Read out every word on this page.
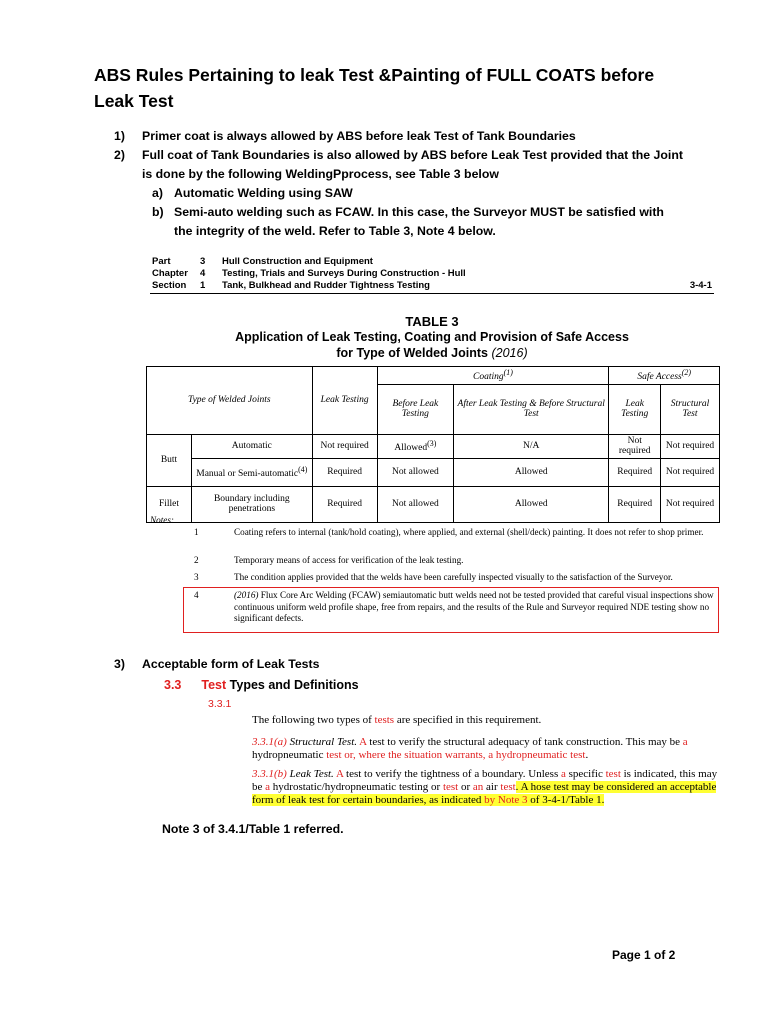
ABS Rules Pertaining to leak Test &Painting of FULL COATS before Leak Test
1) Primer coat is always allowed by ABS before leak Test of Tank Boundaries
2) Full coat of Tank Boundaries is also allowed by ABS before Leak Test provided that the Joint
is done by the following WeldingPprocess, see Table 3 below
a) Automatic Welding using SAW
b) Semi-auto welding such as FCAW. In this case, the Surveyor MUST be satisfied with
the integrity of the weld. Refer to Table 3, Note 4 below.
Part	3 Hull Construction and Equipment
Chapter 4 Testing, Trials and Surveys During Construction - Hull
Section 1 Tank, Bulkhead and Rudder Tightness Testing	3-4-1
TABLE 3
Application of Leak Testing, Coating and Provision of Safe Access
for Type of Welded Joints (2016)
Type of Welded Joints		Leak Testing	Coating$^{(1)}$		Safe Access$^{(2)}$
			Before Leak Testing	After Leak Testing & Before Structural Test	Leak Testing	Structural Test
Butt	Automatic	Not required	Allowed$^{(3)}$	N/A	Not required	Not required
	Manual or Semi-automatic$^{(4)}$	Required	Not allowed	Allowed	Required	Not required
Fillet	Boundary including penetrations	Required	Not allowed	Allowed	Required	Not required
Notes:
1	Coating refers to internal (tank/hold coating), where applied, and external (shell/deck) painting. It does not refer to shop primer.
2	Temporary means of access for verification of the leak testing.
3	The condition applies provided that the welds have been carefully inspected visually to the satisfaction of the Surveyor.
4	(2016) Flux Core Arc Welding (FCAW) semiautomatic butt welds need not be tested provided that careful visual inspections show continuous uniform weld profile shape, free from repairs, and the results of the Rule and Surveyor required NDE testing show no significant defects.
3) Acceptable form of Leak Tests
3.3 Test Types and Definitions
3.3.1
The following two types of tests are specified in this requirement.
3.3.1(a) Structural Test. A test to verify the structural adequacy of tank construction. This may be a hydropneumatic test or, where the situation warrants, a hydropneumatic test.
3.3.1(b) Leak Test. A test to verify the tightness of a boundary. Unless a specific test is indicated, this may be a hydrostatic/hydropneumatic testing or test or an air test. A hose test may be considered an acceptable form of leak test for certain boundaries, as indicated by Note 3 of 3-4-1/Table 1.
Note 3 of 3.4.1/Table 1 referred.
Page 1 of 2
